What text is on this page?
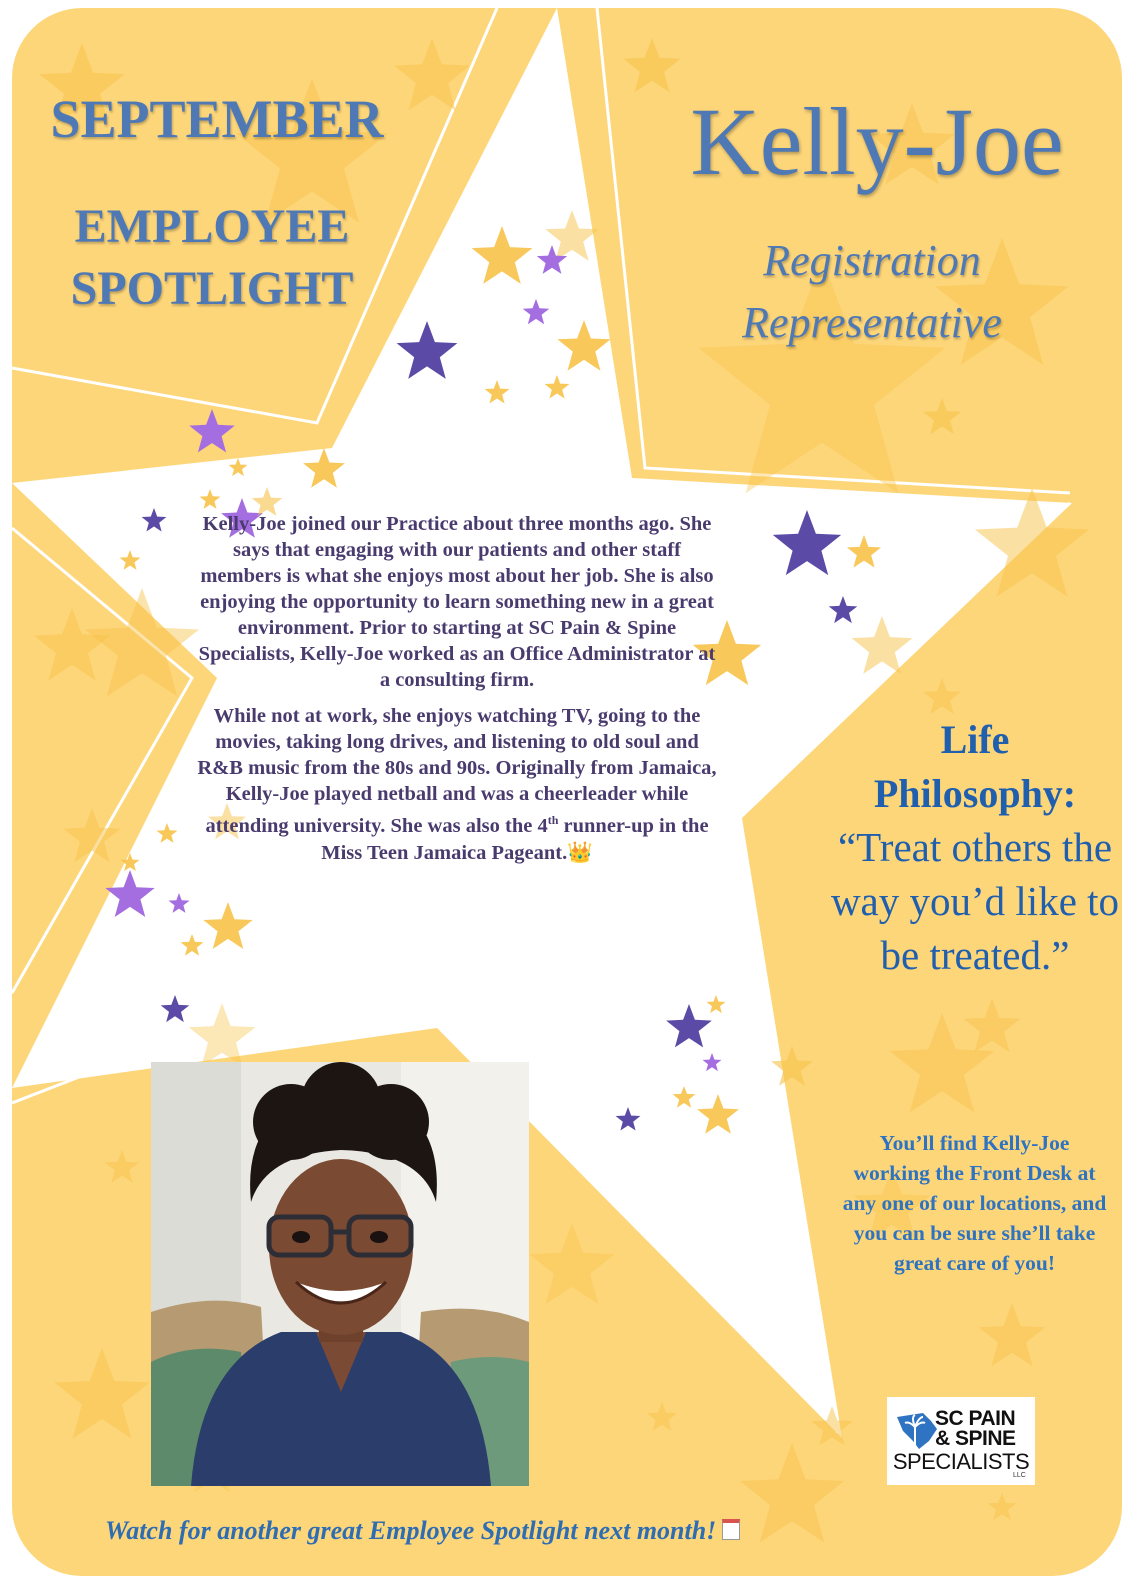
SEPTEMBER
EMPLOYEE
SPOTLIGHT
Kelly-Joe
Registration
Representative

Kelly-Joe joined our Practice about three months ago. She says that engaging with our patients and other staff members is what she enjoys most about her job. She is also enjoying the opportunity to learn something new in a great environment. Prior to starting at SC Pain & Spine Specialists, Kelly-Joe worked as an Office Administrator at a consulting firm.

While not at work, she enjoys watching TV, going to the movies, taking long drives, and listening to old soul and R&B music from the 80s and 90s. Originally from Jamaica, Kelly-Joe played netball and was a cheerleader while attending university. She was also the 4th runner-up in the Miss Teen Jamaica Pageant.👑

Life
Philosophy:
“Treat others the way you’d like to be treated.”
You’ll find Kelly-Joe working the Front Desk at any one of our locations, and you can be sure she’ll take great care of you!
SC PAIN
& SPINE
SPECIALISTS
LLC
Watch for another great Employee Spotlight next month!
